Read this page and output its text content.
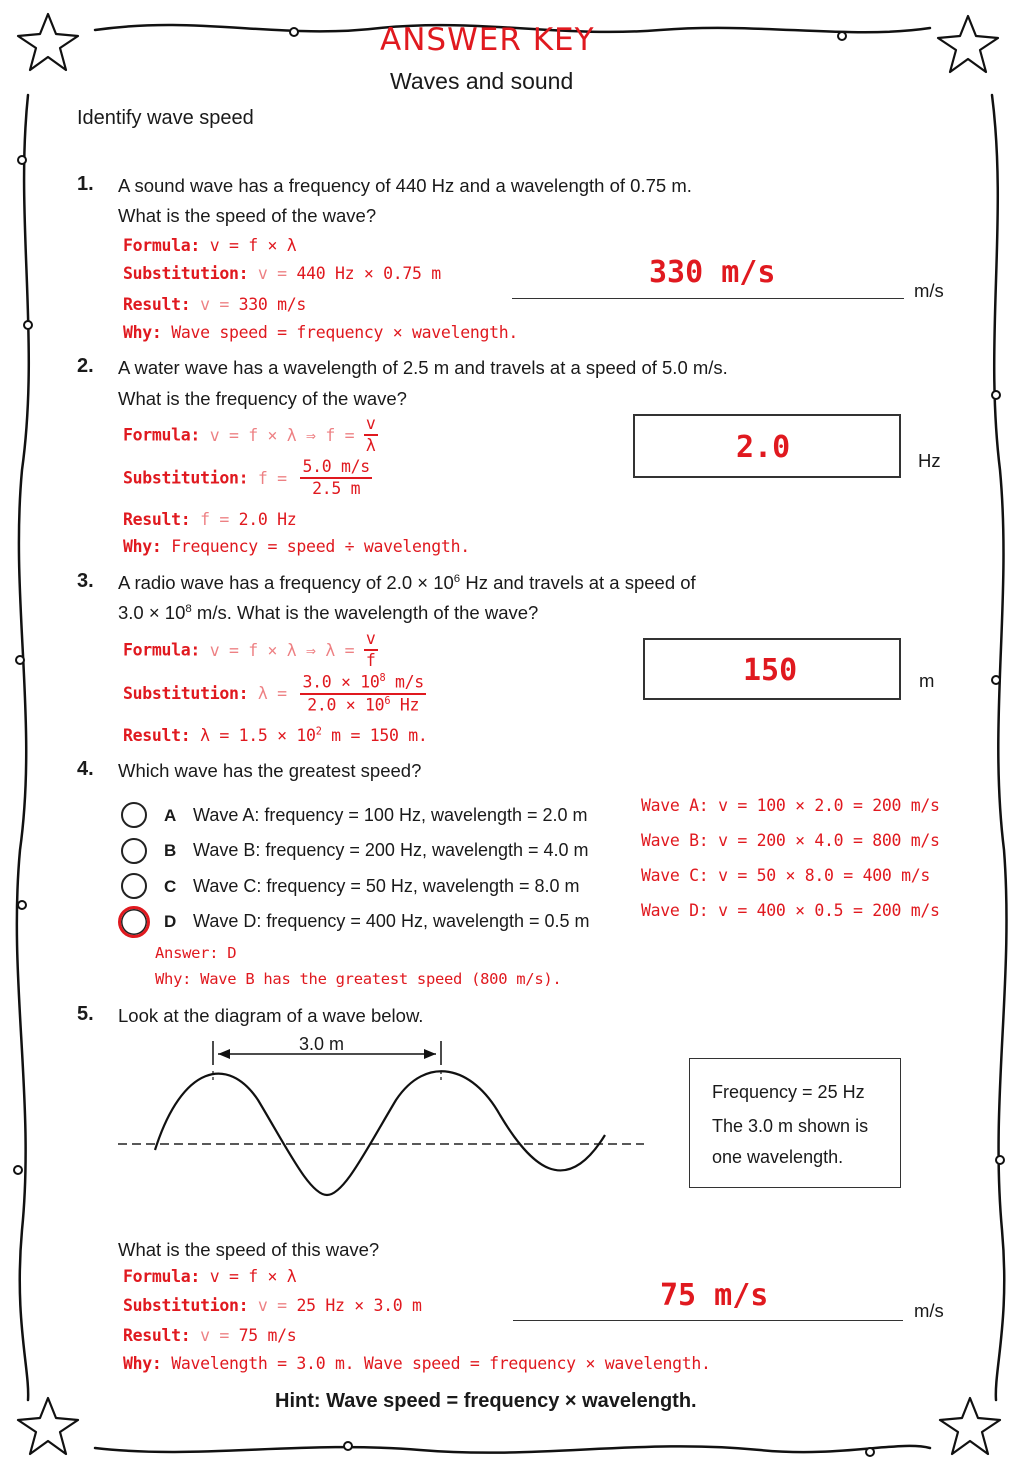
ANSWER KEY
Waves and sound
Identify wave speed
1. A sound wave has a frequency of 440 Hz and a wavelength of 0.75 m.
What is the speed of the wave?
Formula: v = f × λ
Substitution: v = 440 Hz × 0.75 m
Result: v = 330 m/s
Why: Wave speed = frequency × wavelength.
330 m/s
m/s
2. A water wave has a wavelength of 2.5 m and travels at a speed of 5.0 m/s.
What is the frequency of the wave?
Formula: v = f × λ ⇒ $f = \frac{v}{\lambda}$
Substitution: $f = \frac{5.0 m/s}{2.5 m}$
Result: f = 2.0 Hz
Why: Frequency = speed ÷ wavelength.
2.0	Hz
3. A radio wave has a frequency of $2.0 \times 10^6$ Hz and travels at a speed of
$3.0 \times 10^8$ m/s. What is the wavelength of the wave?
Formula: v = f × λ ⇒ $\lambda = \frac{v}{f}$
Substitution: $\lambda = \frac{3.0 \times 10^8 m/s}{2.0 \times 10^6 Hz}$
Result: $\lambda = 1.5 \times 10^2$ m = 150 m.
150	m
4. Which wave has the greatest speed?
A Wave A: frequency = 100 Hz, wavelength = 2.0 m
B Wave B: frequency = 200 Hz, wavelength = 4.0 m
C Wave C: frequency = 50 Hz, wavelength = 8.0 m
D Wave D: frequency = 400 Hz, wavelength = 0.5 m
Wave A: v = 100 × 2.0 = 200 m/s
Wave B: v = 200 × 4.0 = 800 m/s
Wave C: v = 50 × 8.0 = 400 m/s
Wave D: v = 400 × 0.5 = 200 m/s
Answer: D
Why: Wave B has the greatest speed (800 m/s).
5. Look at the diagram of a wave below.
3.0 m
Frequency = 25 Hz
The 3.0 m shown is
one wavelength.
What is the speed of this wave?
Formula: v = f × λ
Substitution: v = 25 Hz × 3.0 m
Result: v = 75 m/s
Why: Wavelength = 3.0 m. Wave speed = frequency × wavelength.
75 m/s	m/s
Hint: Wave speed = frequency × wavelength.
